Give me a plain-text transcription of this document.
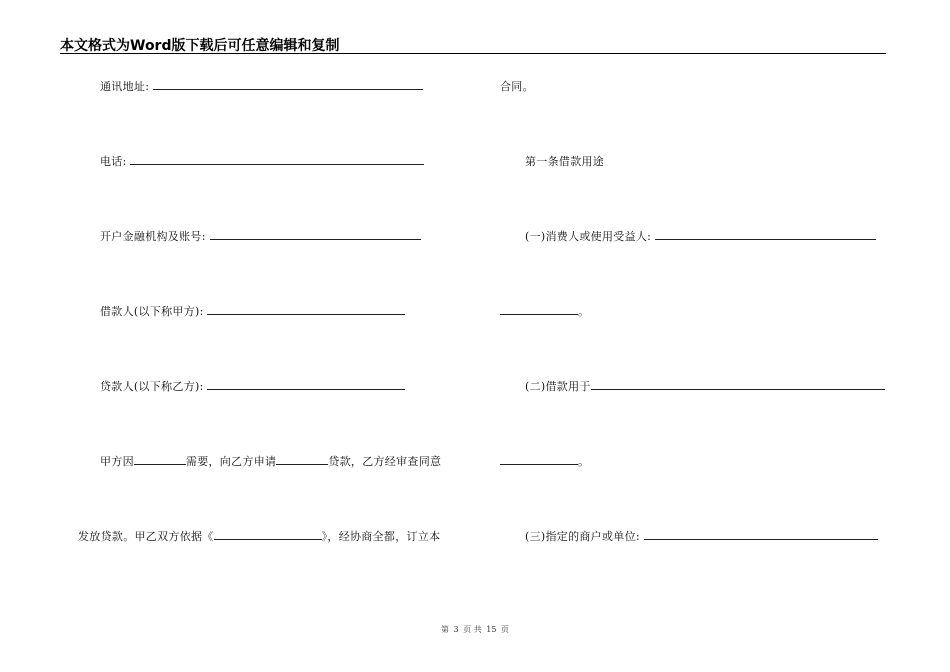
本文格式为Word版下载后可任意编辑和复制
通讯地址:
电话:
开户金融机构及账号:
借款人(以下称甲方):
贷款人(以下称乙方):
甲方因	需要，向乙方申请	贷款，乙方经审查同意
发放贷款。甲乙双方依据《	》，经协商全都，订立本
合同。
第一条借款用途
(一)消费人或使用受益人:
。
(二)借款用于
。
(三)指定的商户或单位:
第 3 页 共 15 页
